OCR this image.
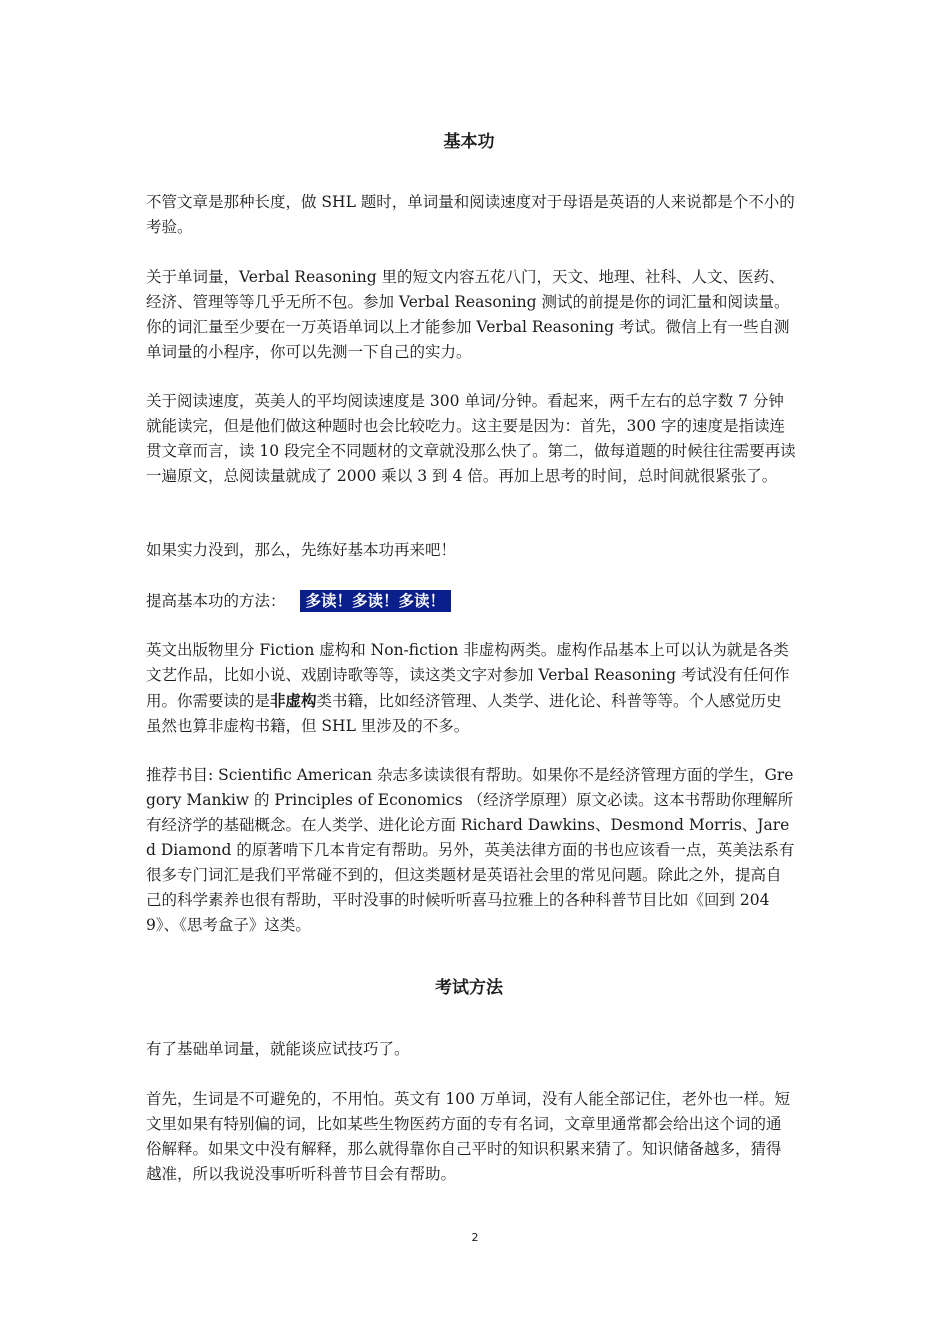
基本功

不管文章是那种长度，做 SHL 题时，单词量和阅读速度对于母语是英语的人来说都是个不小的考验。

关于单词量，Verbal Reasoning 里的短文内容五花八门，天文、地理、社科、人文、医药、经济、管理等等几乎无所不包。参加 Verbal Reasoning 测试的前提是你的词汇量和阅读量。你的词汇量至少要在一万英语单词以上才能参加 Verbal Reasoning 考试。微信上有一些自测单词量的小程序，你可以先测一下自己的实力。

关于阅读速度，英美人的平均阅读速度是 300 单词/分钟。看起来，两千左右的总字数 7 分钟就能读完，但是他们做这种题时也会比较吃力。这主要是因为：首先，300 字的速度是指读连贯文章而言，读 10 段完全不同题材的文章就没那么快了。第二，做每道题的时候往往需要再读一遍原文，总阅读量就成了 2000 乘以 3 到 4 倍。再加上思考的时间，总时间就很紧张了。

如果实力没到，那么，先练好基本功再来吧！

提高基本功的方法： 多读！多读！多读！

英文出版物里分 Fiction 虚构和 Non-fiction 非虚构两类。虚构作品基本上可以认为就是各类文艺作品，比如小说、戏剧诗歌等等，读这类文字对参加 Verbal Reasoning 考试没有任何作用。你需要读的是非虚构类书籍，比如经济管理、人类学、进化论、科普等等。个人感觉历史虽然也算非虚构书籍，但 SHL 里涉及的不多。

推荐书目: Scientific American 杂志多读读很有帮助。如果你不是经济管理方面的学生，Gregory Mankiw 的 Principles of Economics （经济学原理）原文必读。这本书帮助你理解所有经济学的基础概念。在人类学、进化论方面 Richard Dawkins、Desmond Morris、Jared Diamond 的原著啃下几本肯定有帮助。另外，英美法律方面的书也应该看一点，英美法系有很多专门词汇是我们平常碰不到的，但这类题材是英语社会里的常见问题。除此之外，提高自己的科学素养也很有帮助，平时没事的时候听听喜马拉雅上的各种科普节目比如《回到 2049》、《思考盒子》这类。

考试方法

有了基础单词量，就能谈应试技巧了。

首先，生词是不可避免的，不用怕。英文有 100 万单词，没有人能全部记住，老外也一样。短文里如果有特别偏的词，比如某些生物医药方面的专有名词，文章里通常都会给出这个词的通俗解释。如果文中没有解释，那么就得靠你自己平时的知识积累来猜了。知识储备越多，猜得越准，所以我说没事听听科普节目会有帮助。

2
